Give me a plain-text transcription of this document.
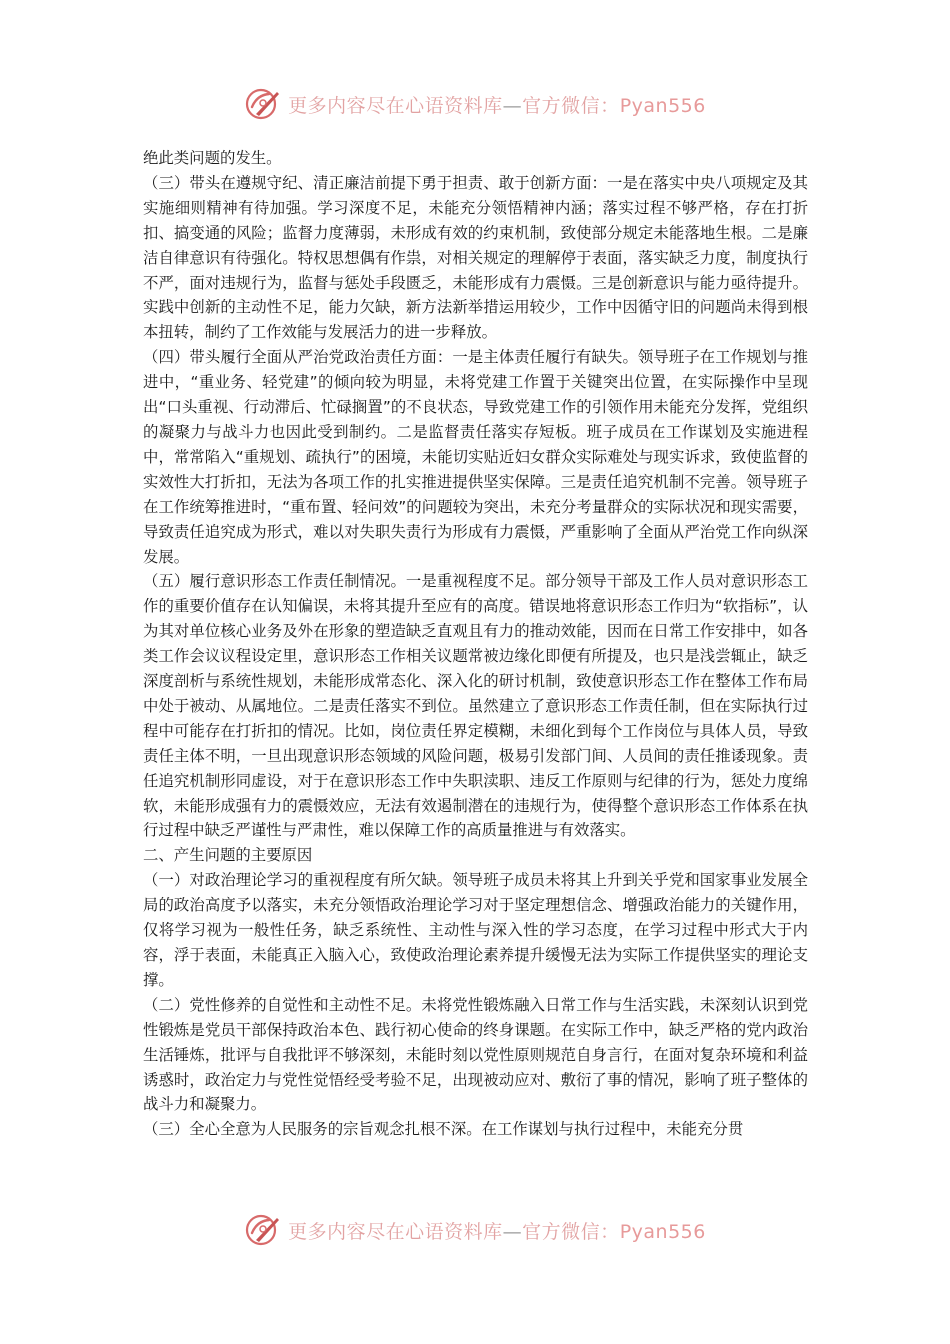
更多内容尽在心语资料库—官方微信：Pyan556

绝此类问题的发生。

（三）带头在遵规守纪、清正廉洁前提下勇于担责、敢于创新方面：一是在落实中央八项规定及其实施细则精神有待加强。学习深度不足，未能充分领悟精神内涵；落实过程不够严格，存在打折扣、搞变通的风险；监督力度薄弱，未形成有效的约束机制，致使部分规定未能落地生根。二是廉洁自律意识有待强化。特权思想偶有作祟，对相关规定的理解停于表面，落实缺乏力度，制度执行不严，面对违规行为，监督与惩处手段匮乏，未能形成有力震慑。三是创新意识与能力亟待提升。实践中创新的主动性不足，能力欠缺，新方法新举措运用较少，工作中因循守旧的问题尚未得到根本扭转，制约了工作效能与发展活力的进一步释放。

（四）带头履行全面从严治党政治责任方面：一是主体责任履行有缺失。领导班子在工作规划与推进中，“重业务、轻党建”的倾向较为明显，未将党建工作置于关键突出位置，在实际操作中呈现出“口头重视、行动滞后、忙碌搁置”的不良状态，导致党建工作的引领作用未能充分发挥，党组织的凝聚力与战斗力也因此受到制约。二是监督责任落实存短板。班子成员在工作谋划及实施进程中，常常陷入“重规划、疏执行”的困境，未能切实贴近妇女群众实际难处与现实诉求，致使监督的实效性大打折扣，无法为各项工作的扎实推进提供坚实保障。三是责任追究机制不完善。领导班子在工作统筹推进时，“重布置、轻问效”的问题较为突出，未充分考量群众的实际状况和现实需要，导致责任追究成为形式，难以对失职失责行为形成有力震慑，严重影响了全面从严治党工作向纵深发展。

（五）履行意识形态工作责任制情况。一是重视程度不足。部分领导干部及工作人员对意识形态工作的重要价值存在认知偏误，未将其提升至应有的高度。错误地将意识形态工作归为“软指标”，认为其对单位核心业务及外在形象的塑造缺乏直观且有力的推动效能，因而在日常工作安排中，如各类工作会议议程设定里，意识形态工作相关议题常被边缘化即便有所提及，也只是浅尝辄止，缺乏深度剖析与系统性规划，未能形成常态化、深入化的研讨机制，致使意识形态工作在整体工作布局中处于被动、从属地位。二是责任落实不到位。虽然建立了意识形态工作责任制，但在实际执行过程中可能存在打折扣的情况。比如，岗位责任界定模糊，未细化到每个工作岗位与具体人员，导致责任主体不明，一旦出现意识形态领域的风险问题，极易引发部门间、人员间的责任推诿现象。责任追究机制形同虚设，对于在意识形态工作中失职渎职、违反工作原则与纪律的行为，惩处力度绵软，未能形成强有力的震慑效应，无法有效遏制潜在的违规行为，使得整个意识形态工作体系在执行过程中缺乏严谨性与严肃性，难以保障工作的高质量推进与有效落实。

二、产生问题的主要原因

（一）对政治理论学习的重视程度有所欠缺。领导班子成员未将其上升到关乎党和国家事业发展全局的政治高度予以落实，未充分领悟政治理论学习对于坚定理想信念、增强政治能力的关键作用，仅将学习视为一般性任务，缺乏系统性、主动性与深入性的学习态度，在学习过程中形式大于内容，浮于表面，未能真正入脑入心，致使政治理论素养提升缓慢无法为实际工作提供坚实的理论支撑。

（二）党性修养的自觉性和主动性不足。未将党性锻炼融入日常工作与生活实践，未深刻认识到党性锻炼是党员干部保持政治本色、践行初心使命的终身课题。在实际工作中，缺乏严格的党内政治生活锤炼，批评与自我批评不够深刻，未能时刻以党性原则规范自身言行，在面对复杂环境和利益诱惑时，政治定力与党性觉悟经受考验不足，出现被动应对、敷衍了事的情况，影响了班子整体的战斗力和凝聚力。

（三）全心全意为人民服务的宗旨观念扎根不深。在工作谋划与执行过程中，未能充分贯

更多内容尽在心语资料库—官方微信：Pyan556
